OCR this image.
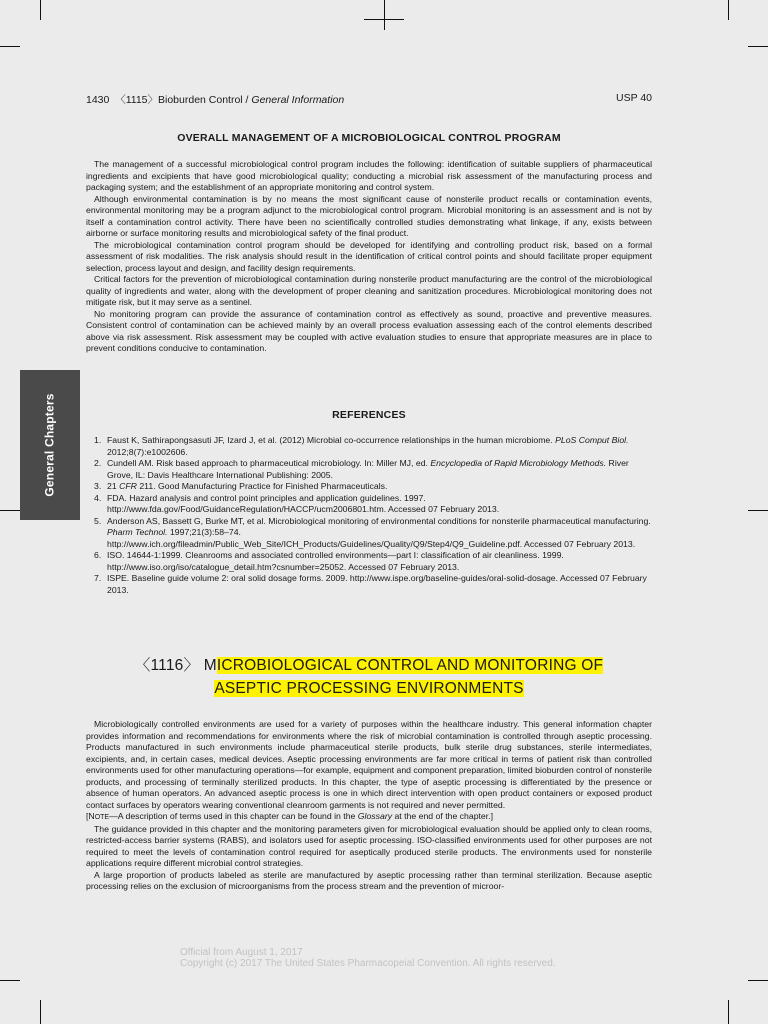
1430 〈1115〉Bioburden Control / General Information	USP 40
General Chapters
OVERALL MANAGEMENT OF A MICROBIOLOGICAL CONTROL PROGRAM

The management of a successful microbiological control program includes the following: identification of suitable suppliers of pharmaceutical ingredients and excipients that have good microbiological quality; conducting a microbial risk assessment of the manufacturing process and packaging system; and the establishment of an appropriate monitoring and control system.

Although environmental contamination is by no means the most significant cause of nonsterile product recalls or contamination events, environmental monitoring may be a program adjunct to the microbiological control program. Microbial monitoring is an assessment and is not by itself a contamination control activity. There have been no scientifically controlled studies demonstrating what linkage, if any, exists between airborne or surface monitoring results and microbiological safety of the final product.

The microbiological contamination control program should be developed for identifying and controlling product risk, based on a formal assessment of risk modalities. The risk analysis should result in the identification of critical control points and should facilitate proper equipment selection, process layout and design, and facility design requirements.

Critical factors for the prevention of microbiological contamination during nonsterile product manufacturing are the control of the microbiological quality of ingredients and water, along with the development of proper cleaning and sanitization procedures. Microbiological monitoring does not mitigate risk, but it may serve as a sentinel.

No monitoring program can provide the assurance of contamination control as effectively as sound, proactive and preventive measures. Consistent control of contamination can be achieved mainly by an overall process evaluation assessing each of the control elements described above via risk assessment. Risk assessment may be coupled with active evaluation studies to ensure that appropriate measures are in place to prevent conditions conducive to contamination.

REFERENCES
1. Faust K, Sathirapongsasuti JF, Izard J, et al. (2012) Microbial co-occurrence relationships in the human microbiome. PLoS Comput Biol. 2012;8(7):e1002606.
2. Cundell AM. Risk based approach to pharmaceutical microbiology. In: Miller MJ, ed. Encyclopedia of Rapid Microbiology Methods. River Grove, IL: Davis Healthcare International Publishing: 2005.
3. 21 CFR 211. Good Manufacturing Practice for Finished Pharmaceuticals.
4. FDA. Hazard analysis and control point principles and application guidelines. 1997. http://www.fda.gov/Food/GuidanceRegulation/HACCP/ucm2006801.htm. Accessed 07 February 2013.
5. Anderson AS, Bassett G, Burke MT, et al. Microbiological monitoring of environmental conditions for nonsterile pharmaceutical manufacturing. Pharm Technol. 1997;21(3):58–74. http://www.ich.org/fileadmin/Public_Web_Site/ICH_Products/Guidelines/Quality/Q9/Step4/Q9_Guideline.pdf. Accessed 07 February 2013.
6. ISO. 14644-1:1999. Cleanrooms and associated controlled environments—part I: classification of air cleanliness. 1999. http://www.iso.org/iso/catalogue_detail.htm?csnumber=25052. Accessed 07 February 2013.
7. ISPE. Baseline guide volume 2: oral solid dosage forms. 2009. http://www.ispe.org/baseline-guides/oral-solid-dosage. Accessed 07 February 2013.
〈1116〉 MICROBIOLOGICAL CONTROL AND MONITORING OF
ASEPTIC PROCESSING ENVIRONMENTS

Microbiologically controlled environments are used for a variety of purposes within the healthcare industry. This general information chapter provides information and recommendations for environments where the risk of microbial contamination is controlled through aseptic processing. Products manufactured in such environments include pharmaceutical sterile products, bulk sterile drug substances, sterile intermediates, excipients, and, in certain cases, medical devices. Aseptic processing environments are far more critical in terms of patient risk than controlled environments used for other manufacturing operations—for example, equipment and component preparation, limited bioburden control of nonsterile products, and processing of terminally sterilized products. In this chapter, the type of aseptic processing is differentiated by the presence or absence of human operators. An advanced aseptic process is one in which direct intervention with open product containers or exposed product contact surfaces by operators wearing conventional cleanroom garments is not required and never permitted.

[NOTE—A description of terms used in this chapter can be found in the Glossary at the end of the chapter.]

The guidance provided in this chapter and the monitoring parameters given for microbiological evaluation should be applied only to clean rooms, restricted-access barrier systems (RABS), and isolators used for aseptic processing. ISO-classified environments used for other purposes are not required to meet the levels of contamination control required for aseptically produced sterile products. The environments used for nonsterile applications require different microbial control strategies.

A large proportion of products labeled as sterile are manufactured by aseptic processing rather than terminal sterilization. Because aseptic processing relies on the exclusion of microorganisms from the process stream and the prevention of microor-

Official from August 1, 2017
Copyright (c) 2017 The United States Pharmacopeial Convention. All rights reserved.
